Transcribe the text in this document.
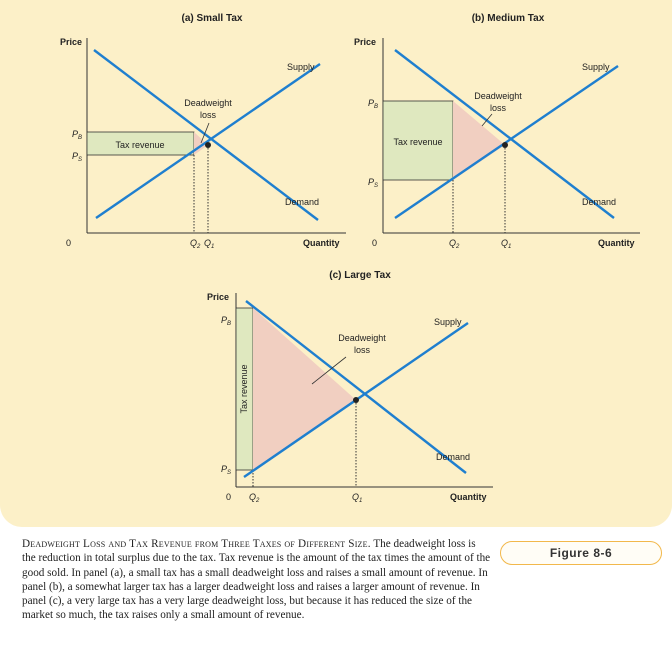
(a) Small Tax
Price
Supply
Demand
Deadweight
loss
Tax revenue
$P_B$
$P_S$
0	$Q_2$ $Q_1$	Quantity
(b) Medium Tax
Price
Supply
Demand
Deadweight
loss
Tax revenue
$P_B$
$P_S$
0	$Q_2$	$Q_1$	Quantity
(c) Large Tax
Price
Supply
Demand
Deadweight
loss
Tax revenue
$P_B$
$P_S$
0 $Q_2$	$Q_1$	Quantity
Deadweight Loss and Tax Revenue from Three Taxes of Different Size. The deadweight loss is the reduction in total surplus due to the tax. Tax revenue is the amount of the tax times the amount of the good sold. In panel (a), a small tax has a small deadweight loss and raises a small amount of revenue. In panel (b), a somewhat larger tax has a larger deadweight loss and raises a larger amount of revenue. In panel (c), a very large tax has a very large deadweight loss, but because it has reduced the size of the market so much, the tax raises only a small amount of revenue.
Figure 8-6
